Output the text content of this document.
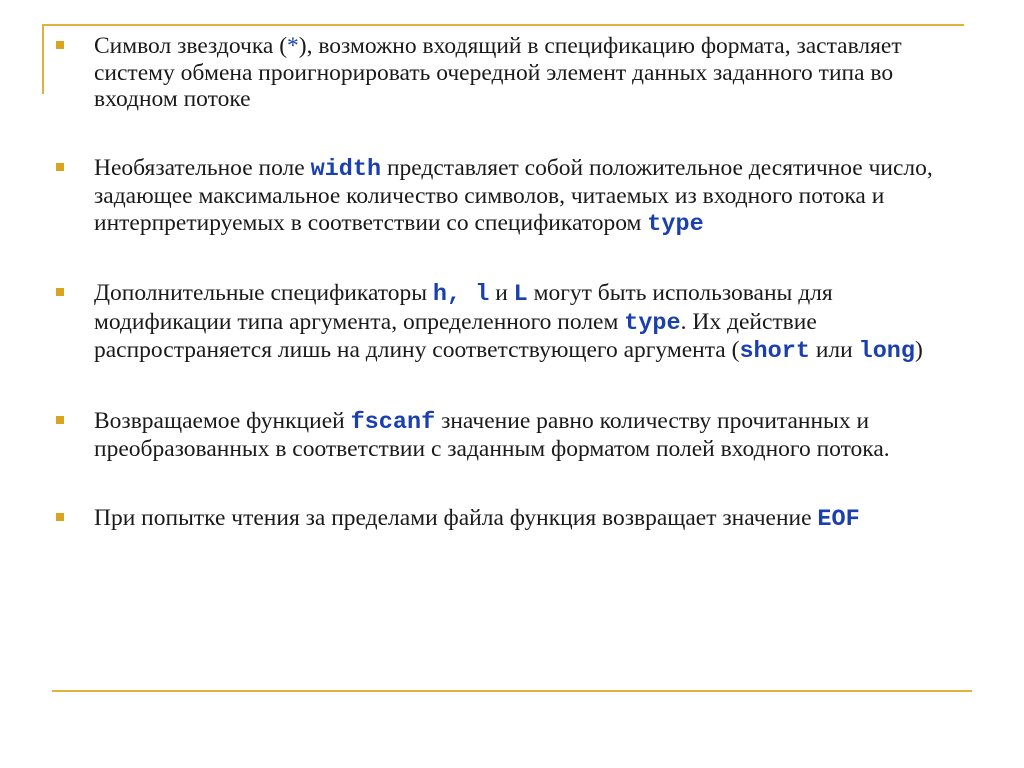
Символ звездочка (*), возможно входящий в спецификацию формата, заставляет систему обмена проигнорировать очередной элемент данных заданного типа во входном потоке

Необязательное поле width представляет собой положительное десятичное число, задающее максимальное количество символов, читаемых из входного потока и интерпретируемых в соответствии со спецификатором type

Дополнительные спецификаторы h, l и L могут быть использованы для модификации типа аргумента, определенного полем type. Их действие распространяется лишь на длину соответствующего аргумента (short или long)

Возвращаемое функцией fscanf значение равно количеству прочитанных и преобразованных в соответствии с заданным форматом полей входного потока.

При попытке чтения за пределами файла функция возвращает значение EOF
